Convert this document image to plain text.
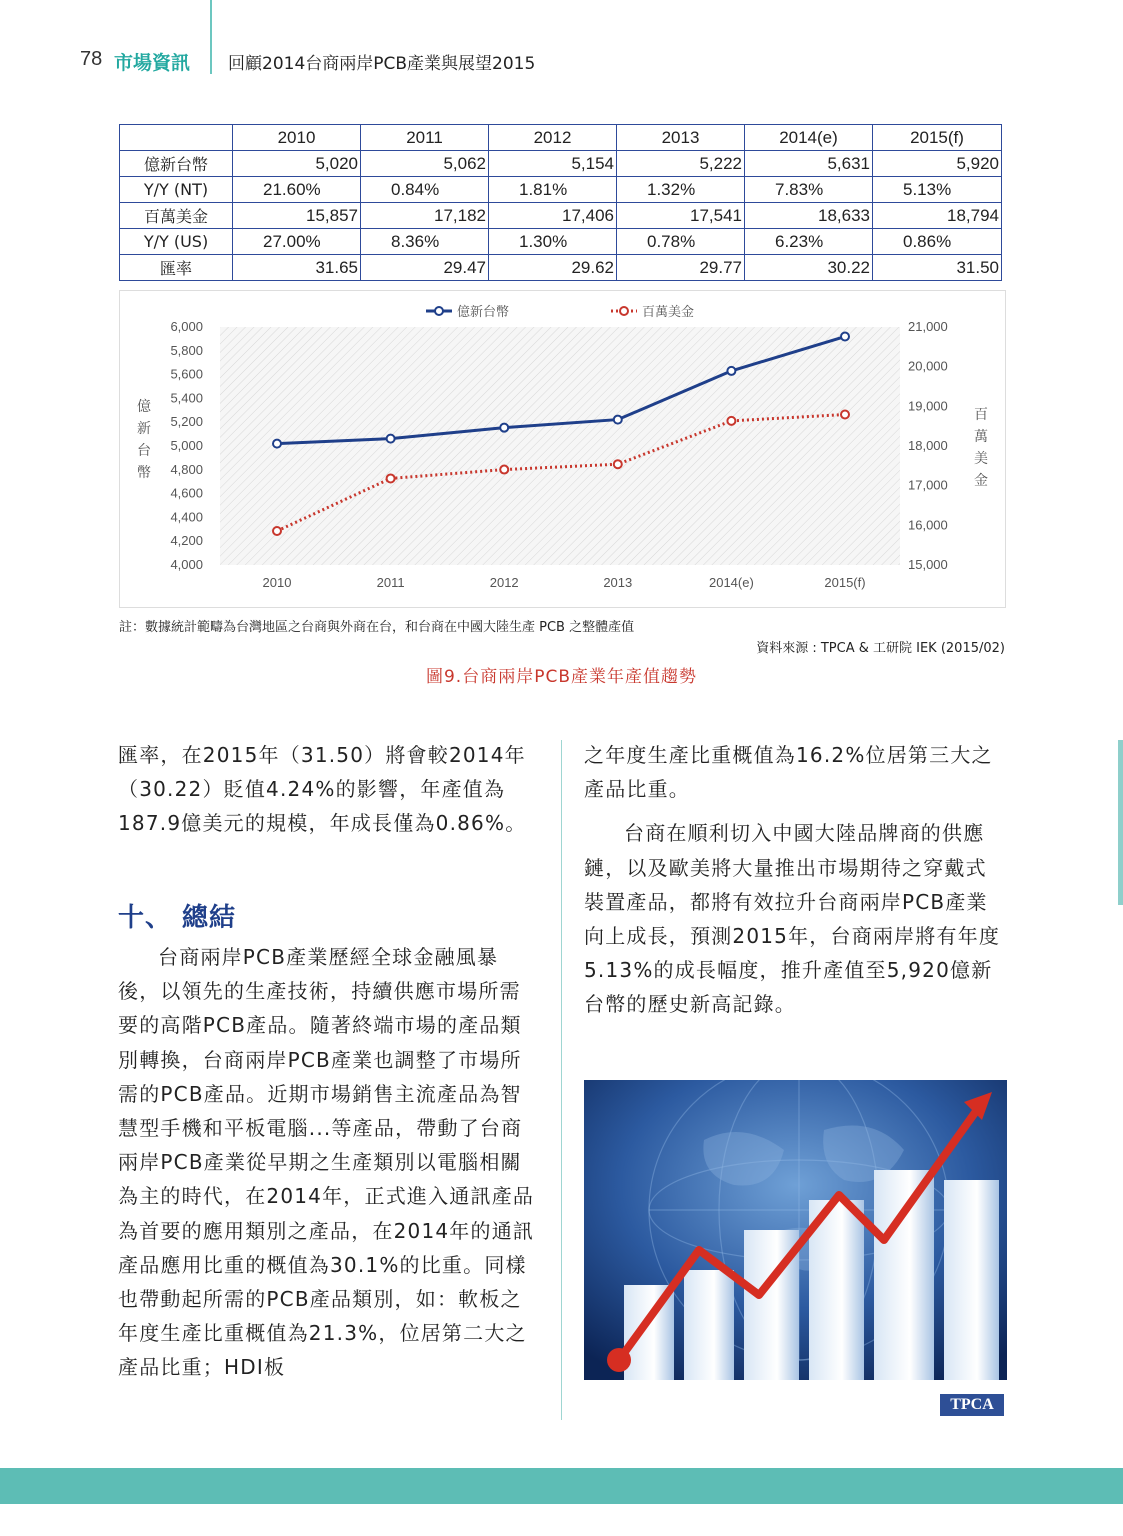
78 市場資訊 回顧2014台商兩岸PCB產業與展望2015
	2010	2011	2012	2013	2014(e)	2015(f)
億新台幣	5,020	5,062	5,154	5,222	5,631	5,920
Y/Y (NT)	21.60%	0.84%	1.81%	1.32%	7.83%	5.13%
百萬美金	15,857	17,182	17,406	17,541	18,633	18,794
Y/Y (US)	27.00%	8.36%	1.30%	0.78%	6.23%	0.86%
匯率	31.65	29.47	29.62	29.77	30.22	31.50
6,000
5,800
5,600
5,400
5,200
5,000
4,800
4,600
4,400
4,200
4,000
21,000
20,000
19,000
18,000
17,000
16,000
15,000
2010	2011	2012	2013	2014(e)	2015(f)
億
新
台
幣
百
萬
美
金
億新台幣	百萬美金
註：數據統計範疇為台灣地區之台商與外商在台，和台商在中國大陸生產 PCB 之整體產值
資料來源 : TPCA & 工研院 IEK (2015/02)
圖9.台商兩岸PCB產業年產值趨勢

匯率，在2015年（31.50）將會較2014年（30.22）貶值4.24%的影響，年產值為187.9億美元的規模，年成長僅為0.86%。

十、 總結

台商兩岸PCB產業歷經全球金融風暴後，以領先的生產技術，持續供應市場所需要的高階PCB產品。隨著終端市場的產品類別轉換，台商兩岸PCB產業也調整了市場所需的PCB產品。近期市場銷售主流產品為智慧型手機和平板電腦...等產品，帶動了台商兩岸PCB產業從早期之生產類別以電腦相關為主的時代，在2014年，正式進入通訊產品為首要的應用類別之產品，在2014年的通訊產品應用比重的概值為30.1%的比重。同樣也帶動起所需的PCB產品類別，如：軟板之年度生產比重概值為21.3%，位居第二大之產品比重；HDI板

之年度生產比重概值為16.2%位居第三大之產品比重。

台商在順利切入中國大陸品牌商的供應鏈，以及歐美將大量推出市場期待之穿戴式裝置產品，都將有效拉升台商兩岸PCB產業向上成長，預測2015年，台商兩岸將有年度5.13%的成長幅度，推升產值至5,920億新台幣的歷史新高記錄。

TPCA
